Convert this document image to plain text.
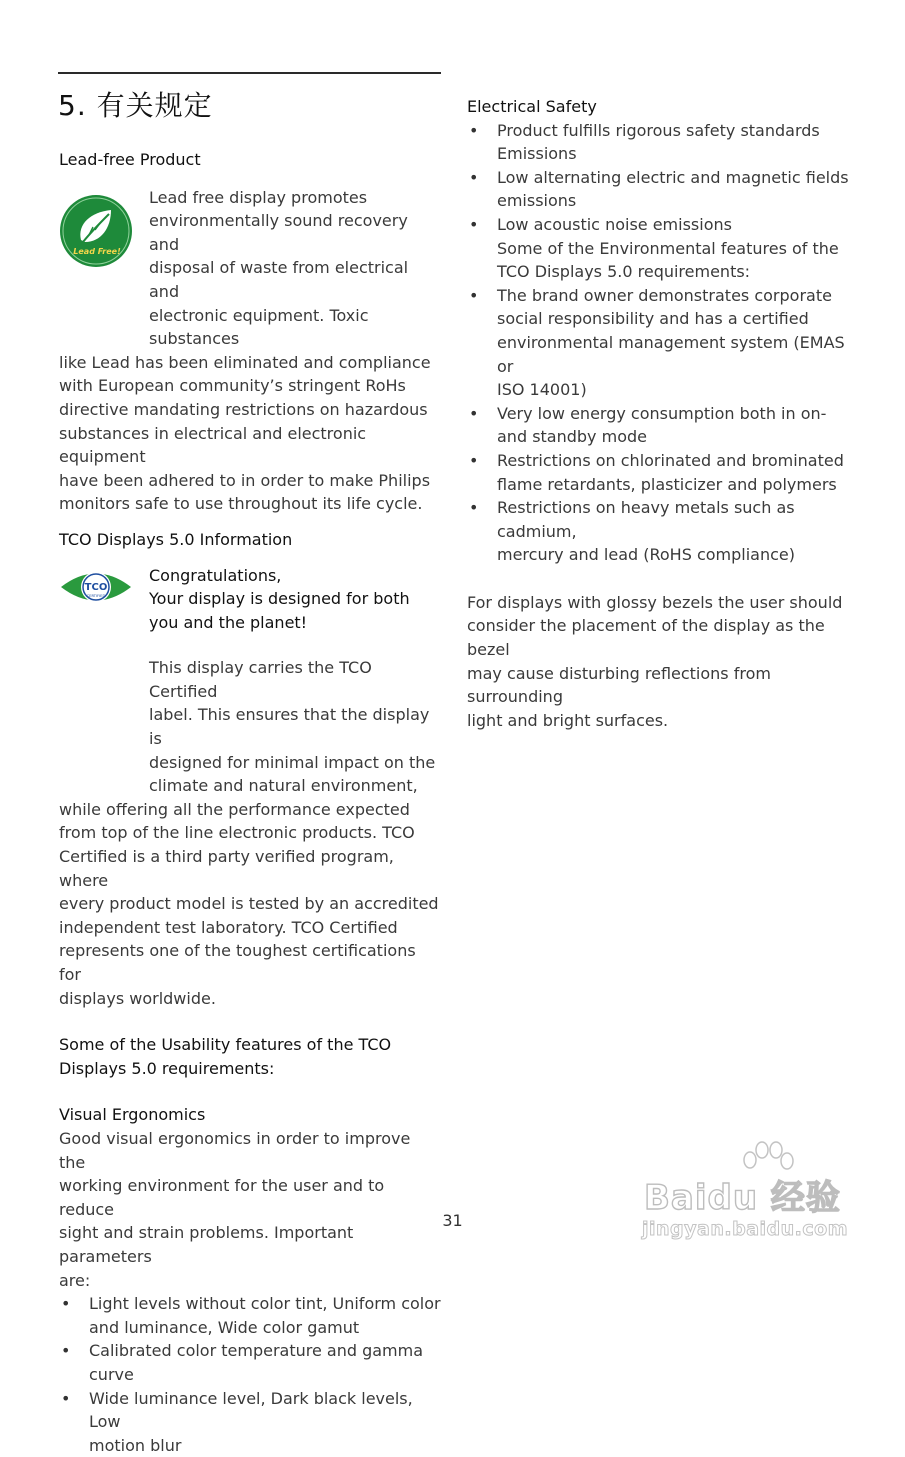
5. 有关规定

Lead-free Product

Lead Free!

Lead free display promotes

environmentally sound recovery and

disposal of waste from electrical and

electronic equipment. Toxic substances

like Lead has been eliminated and compliance

with European community’s stringent RoHs

directive mandating restrictions on hazardous

substances in electrical and electronic equipment

have been adhered to in order to make Philips

monitors safe to use throughout its life cycle.

TCO Displays 5.0 Information

TCO
CERTIFIED

Congratulations,

Your display is designed for both

you and the planet!

This display carries the TCO Certified

label. This ensures that the display is

designed for minimal impact on the

climate and natural environment,

while offering all the performance expected

from top of the line electronic products. TCO

Certified is a third party verified program, where

every product model is tested by an accredited

independent test laboratory. TCO Certified

represents one of the toughest certifications for

displays worldwide.

Some of the Usability features of the TCO

Displays 5.0 requirements:

Visual Ergonomics

Good visual ergonomics in order to improve the

working environment for the user and to reduce

sight and strain problems. Important parameters

are:

• Light levels without color tint, Uniform color
and luminance, Wide color gamut
• Calibrated color temperature and gamma
curve
• Wide luminance level, Dark black levels, Low
motion blur

Electrical Safety

• Product fulfills rigorous safety standards
Emissions
• Low alternating electric and magnetic fields
emissions
• Low acoustic noise emissions
Some of the Environmental features of the
TCO Displays 5.0 requirements:
• The brand owner demonstrates corporate
social responsibility and has a certified
environmental management system (EMAS or
ISO 14001)
• Very low energy consumption both in on-
and standby mode
• Restrictions on chlorinated and brominated
flame retardants, plasticizer and polymers
• Restrictions on heavy metals such as cadmium,
mercury and lead (RoHS compliance)

For displays with glossy bezels the user should

consider the placement of the display as the bezel

may cause disturbing reflections from surrounding

light and bright surfaces.

31
Baidu 经验
jingyan.baidu.com
